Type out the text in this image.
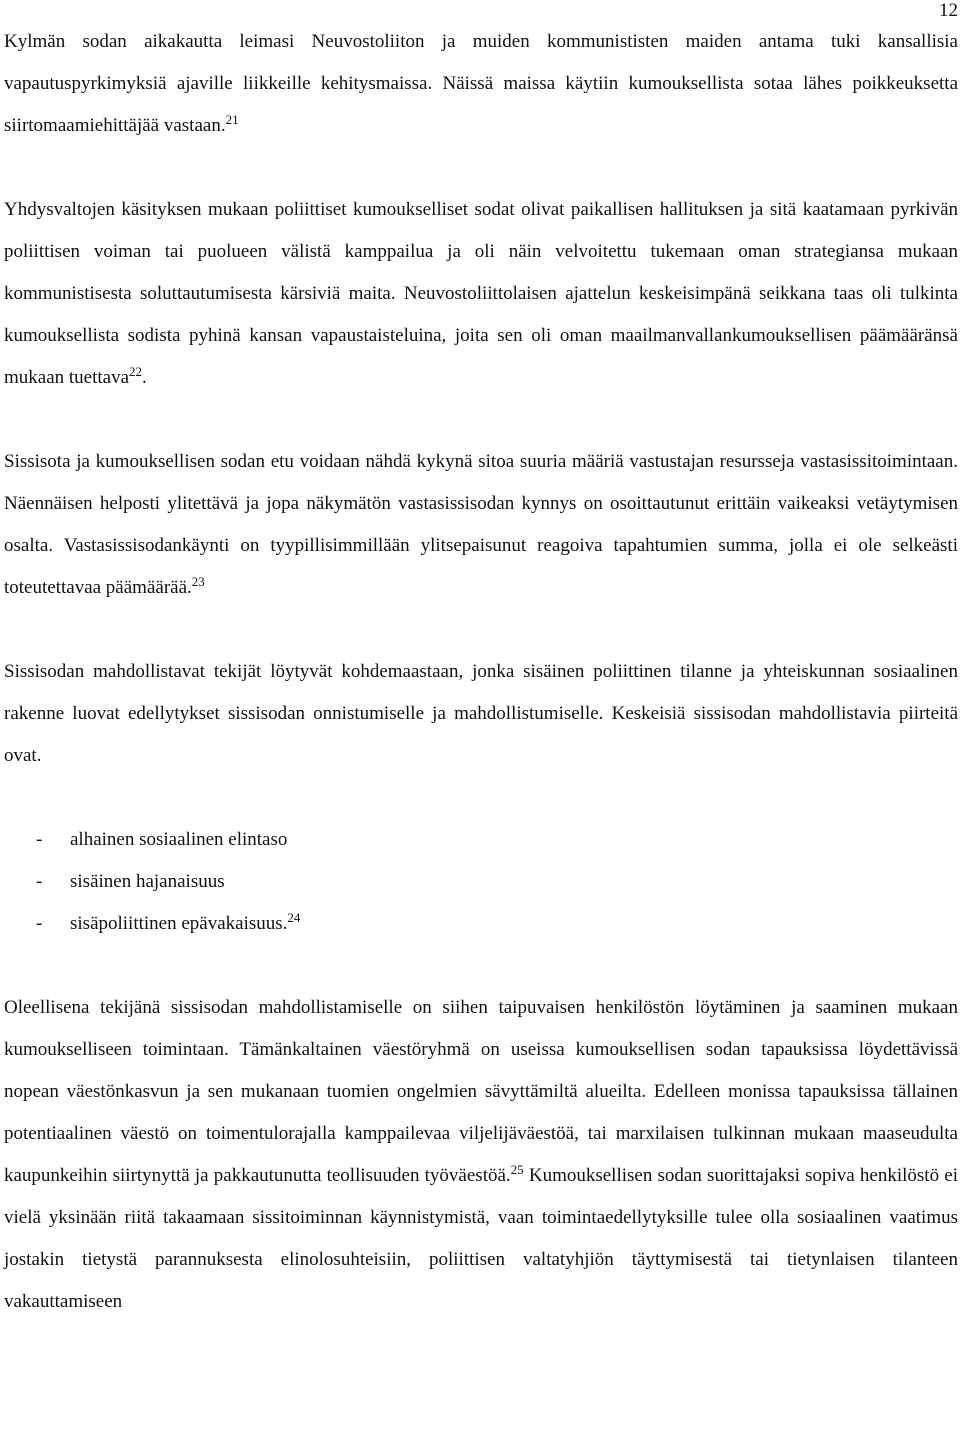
12

Kylmän sodan aikakautta leimasi Neuvostoliiton ja muiden kommunististen maiden antama tuki kansallisia vapautuspyrkimyksiä ajaville liikkeille kehitysmaissa. Näissä maissa käytiin kumouksellista sotaa lähes poikkeuksetta siirtomaamiehittäjää vastaan.$^{21}$

Yhdysvaltojen käsityksen mukaan poliittiset kumoukselliset sodat olivat paikallisen hallituksen ja sitä kaatamaan pyrkivän poliittisen voiman tai puolueen välistä kamppailua ja oli näin velvoitettu tukemaan oman strategiansa mukaan kommunistisesta soluttautumisesta kärsiviä maita. Neuvostoliittolaisen ajattelun keskeisimpänä seikkana taas oli tulkinta kumouksellista sodista pyhinä kansan vapaustaisteluina, joita sen oli oman maailmanvallankumouksellisen päämääränsä mukaan tuettava$^{22}$.

Sissisota ja kumouksellisen sodan etu voidaan nähdä kykynä sitoa suuria määriä vastustajan resursseja vastasissitoimintaan. Näennäisen helposti ylitettävä ja jopa näkymätön vastasissisodan kynnys on osoittautunut erittäin vaikeaksi vetäytymisen osalta. Vastasissisodankäynti on tyypillisimmillään ylitsepaisunut reagoiva tapahtumien summa, jolla ei ole selkeästi toteutettavaa päämäärää.$^{23}$

Sissisodan mahdollistavat tekijät löytyvät kohdemaastaan, jonka sisäinen poliittinen tilanne ja yhteiskunnan sosiaalinen rakenne luovat edellytykset sissisodan onnistumiselle ja mahdollistumiselle. Keskeisiä sissisodan mahdollistavia piirteitä ovat.

-	alhainen sosiaalinen elintaso
-	sisäinen hajanaisuus
-	sisäpoliittinen epävakaisuus.$^{24}$

Oleellisena tekijänä sissisodan mahdollistamiselle on siihen taipuvaisen henkilöstön löytäminen ja saaminen mukaan kumoukselliseen toimintaan. Tämänkaltainen väestöryhmä on useissa kumouksellisen sodan tapauksissa löydettävissä nopean väestönkasvun ja sen mukanaan tuomien ongelmien sävyttämiltä alueilta. Edelleen monissa tapauksissa tällainen potentiaalinen väestö on toimentulorajalla kamppailevaa viljelijäväestöä, tai marxilaisen tulkinnan mukaan maaseudulta kaupunkeihin siirtynyttä ja pakkautunutta teollisuuden työväestöä.$^{25}$ Kumouksellisen sodan suorittajaksi sopiva henkilöstö ei vielä yksinään riitä takaamaan sissitoiminnan käynnistymistä, vaan toimintaedellytyksille tulee olla sosiaalinen vaatimus jostakin tietystä parannuksesta elinolosuhteisiin, poliittisen valtatyhjiön täyttymisestä tai tietynlaisen tilanteen vakauttamiseen
